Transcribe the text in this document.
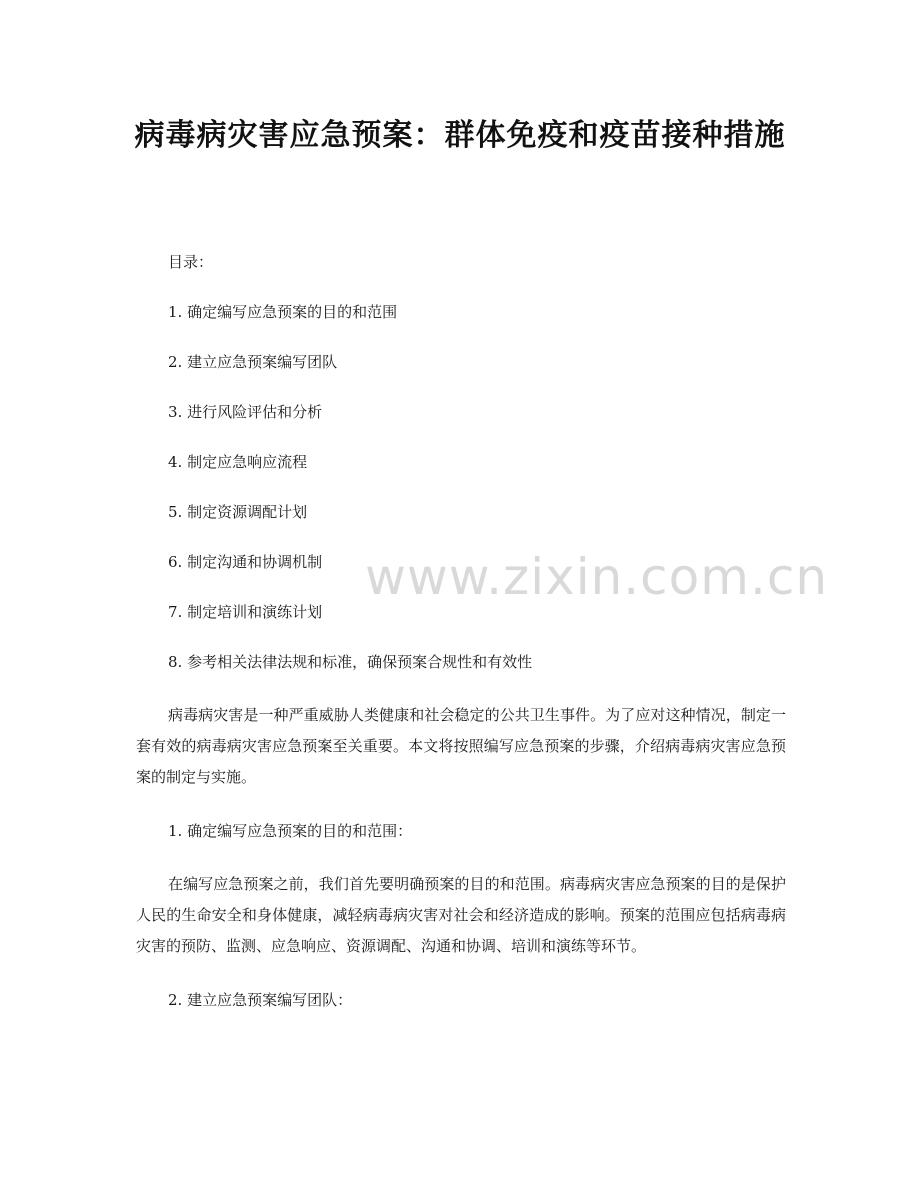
病毒病灾害应急预案：群体免疫和疫苗接种措施

目录：

1. 确定编写应急预案的目的和范围

2. 建立应急预案编写团队

3. 进行风险评估和分析

4. 制定应急响应流程

5. 制定资源调配计划

6. 制定沟通和协调机制

7. 制定培训和演练计划

8. 参考相关法律法规和标准，确保预案合规性和有效性

病毒病灾害是一种严重威胁人类健康和社会稳定的公共卫生事件。为了应对这种情况，制定一套有效的病毒病灾害应急预案至关重要。本文将按照编写应急预案的步骤，介绍病毒病灾害应急预案的制定与实施。

1. 确定编写应急预案的目的和范围：

在编写应急预案之前，我们首先要明确预案的目的和范围。病毒病灾害应急预案的目的是保护人民的生命安全和身体健康，减轻病毒病灾害对社会和经济造成的影响。预案的范围应包括病毒病灾害的预防、监测、应急响应、资源调配、沟通和协调、培训和演练等环节。

2. 建立应急预案编写团队：

www.zixin.com.cn
